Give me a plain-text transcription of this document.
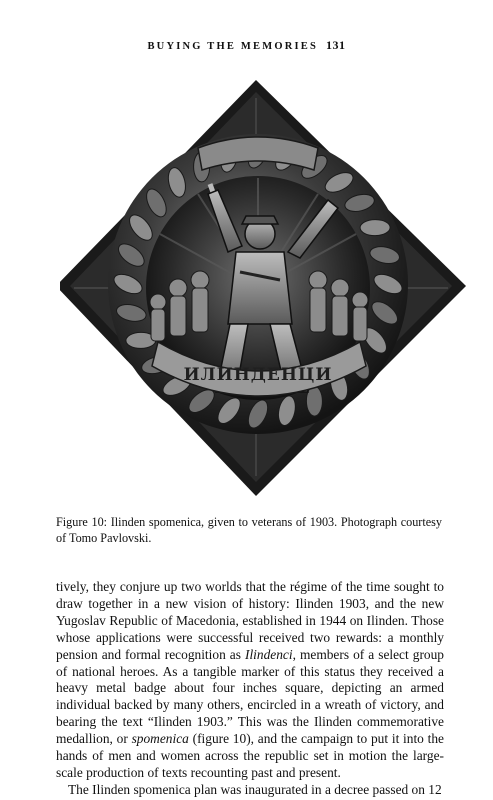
BUYING THE MEMORIES 131
ИЛИНДЕНЦИ
Figure 10: Ilinden spomenica, given to veterans of 1903. Photograph courtesy of Tomo Pavlovski.

tively, they conjure up two worlds that the régime of the time sought to draw together in a new vision of history: Ilinden 1903, and the new Yugoslav Republic of Macedonia, established in 1944 on Ilinden. Those whose applications were successful received two rewards: a monthly pension and formal recognition as Ilindenci, members of a select group of national heroes. As a tangible marker of this status they received a heavy metal badge about four inches square, depicting an armed individual backed by many others, encircled in a wreath of victory, and bearing the text “Ilinden 1903.” This was the Ilinden commemorative medallion, or spomenica (figure 10), and the campaign to put it into the hands of men and women across the republic set in motion the large-scale production of texts recounting past and present.

The Ilinden spomenica plan was inaugurated in a decree passed on 12
